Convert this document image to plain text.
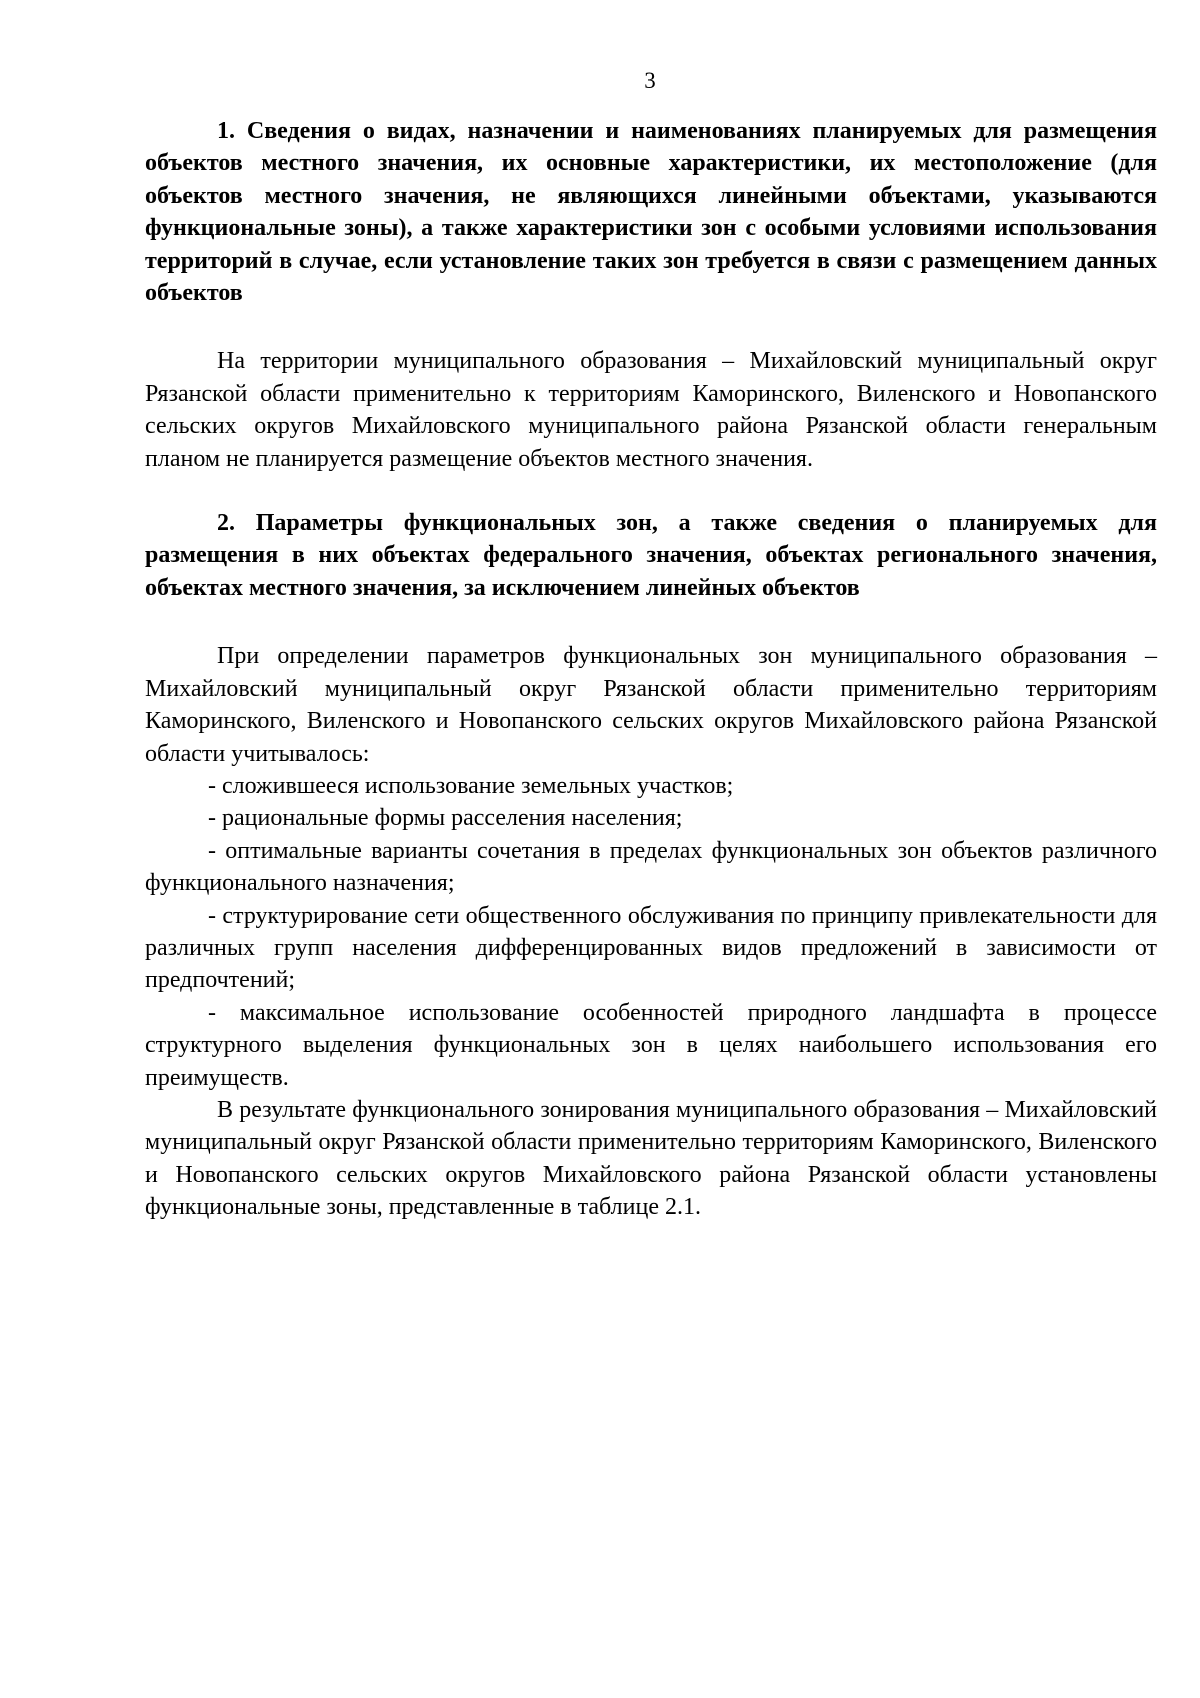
3

1. Сведения о видах, назначении и наименованиях планируемых для размещения объектов местного значения, их основные характеристики, их местоположение (для объектов местного значения, не являющихся линейными объектами, указываются функциональные зоны), а также характеристики зон с особыми условиями использования территорий в случае, если установление таких зон требуется в связи с размещением данных объектов

На территории муниципального образования – Михайловский муниципальный округ Рязанской области применительно к территориям Каморинского, Виленского и Новопанского сельских округов Михайловского муниципального района Рязанской области генеральным планом не планируется размещение объектов местного значения.

2. Параметры функциональных зон, а также сведения о планируемых для размещения в них объектах федерального значения, объектах регионального значения, объектах местного значения, за исключением линейных объектов

При определении параметров функциональных зон муниципального образования – Михайловский муниципальный округ Рязанской области применительно территориям Каморинского, Виленского и Новопанского сельских округов Михайловского района Рязанской области учитывалось:

- сложившееся использование земельных участков;

- рациональные формы расселения населения;

- оптимальные варианты сочетания в пределах функциональных зон объектов различного функционального назначения;

- структурирование сети общественного обслуживания по принципу привлекательности для различных групп населения дифференцированных видов предложений в зависимости от предпочтений;

- максимальное использование особенностей природного ландшафта в процессе структурного выделения функциональных зон в целях наибольшего использования его преимуществ.

В результате функционального зонирования муниципального образования – Михайловский муниципальный округ Рязанской области применительно территориям Каморинского, Виленского и Новопанского сельских округов Михайловского района Рязанской области установлены функциональные зоны, представленные в таблице 2.1.
